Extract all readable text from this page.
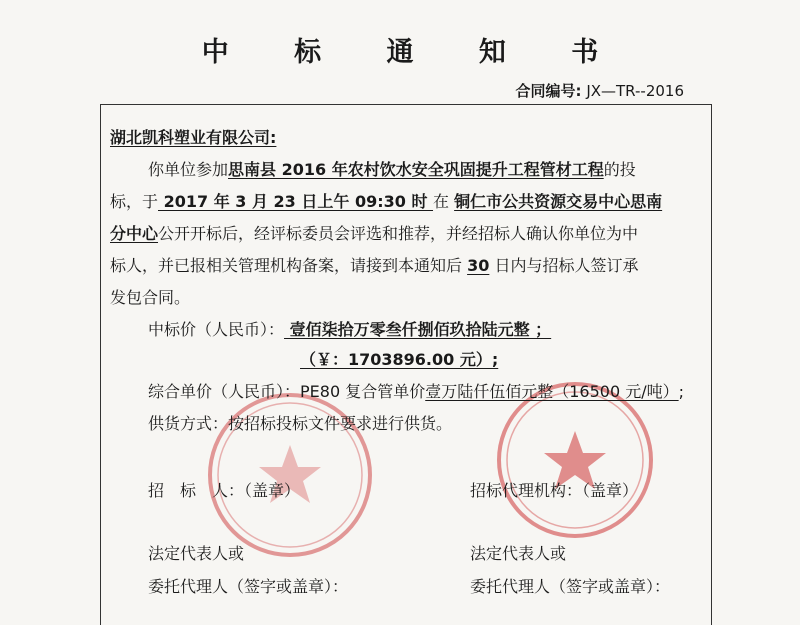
中 标 通 知 书
合同编号: JX—TR--2016
湖北凯科塑业有限公司:
你单位参加思南县 2016 年农村饮水安全巩固提升工程管材工程的投
标，于 2017 年 3 月 23 日上午 09:30 时 在 铜仁市公共资源交易中心思南
分中心公开开标后，经评标委员会评选和推荐，并经招标人确认你单位为中
标人，并已报相关管理机构备案，请接到本通知后 30 日内与招标人签订承
发包合同。
中标价（人民币）： 壹佰柒拾万零叁仟捌佰玖拾陆元整 ；
（￥：1703896.00 元）;
综合单价（人民币）：PE80 复合管单价壹万陆仟伍佰元整（16500 元/吨）;
供货方式：按招标投标文件要求进行供货。
招　标　人：（盖章）	招标代理机构：（盖章）
法定代表人或	法定代表人或
委托代理人（签字或盖章）：	委托代理人（签字或盖章）：
